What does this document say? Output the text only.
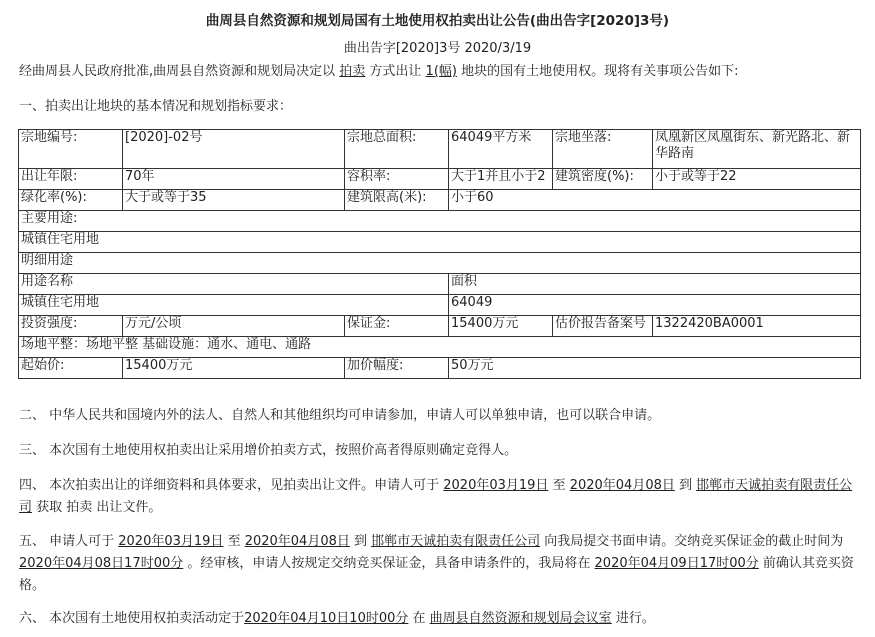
曲周县自然资源和规划局国有土地使用权拍卖出让公告(曲出告字[2020]3号)
曲出告字[2020]3号 2020/3/19
经曲周县人民政府批准,曲周县自然资源和规划局决定以 拍卖 方式出让 1(幅) 地块的国有土地使用权。现将有关事项公告如下:
一、拍卖出让地块的基本情况和规划指标要求：
宗地编号:	[2020]-02号	宗地总面积:	64049平方米	宗地坐落:	凤凰新区凤凰街东、新光路北、新华路南
出让年限:	70年	容积率:	大于1并且小于2	建筑密度(%):	小于或等于22
绿化率(%):	大于或等于35	建筑限高(米):	小于60		
主要用途:					
城镇住宅用地					
明细用途					
用途名称			面积		
城镇住宅用地			64049		
投资强度:	万元/公顷	保证金:	15400万元	估价报告备案号	1322420BA0001
场地平整：场地平整 基础设施：通水、通电、通路					
起始价:	15400万元	加价幅度:	50万元		
二、 中华人民共和国境内外的法人、自然人和其他组织均可申请参加，申请人可以单独申请，也可以联合申请。
三、 本次国有土地使用权拍卖出让采用增价拍卖方式，按照价高者得原则确定竞得人。
四、 本次拍卖出让的详细资料和具体要求，见拍卖出让文件。申请人可于 2020年03月19日 至 2020年04月08日 到 邯郸市天诚拍卖有限责任公司 获取 拍卖 出让文件。
五、 申请人可于 2020年03月19日 至 2020年04月08日 到 邯郸市天诚拍卖有限责任公司 向我局提交书面申请。交纳竞买保证金的截止时间为2020年04月08日17时00分 。经审核，申请人按规定交纳竞买保证金，具备申请条件的，我局将在 2020年04月09日17时00分 前确认其竞买资格。
六、 本次国有土地使用权拍卖活动定于2020年04月10日10时00分 在 曲周县自然资源和规划局会议室 进行。
